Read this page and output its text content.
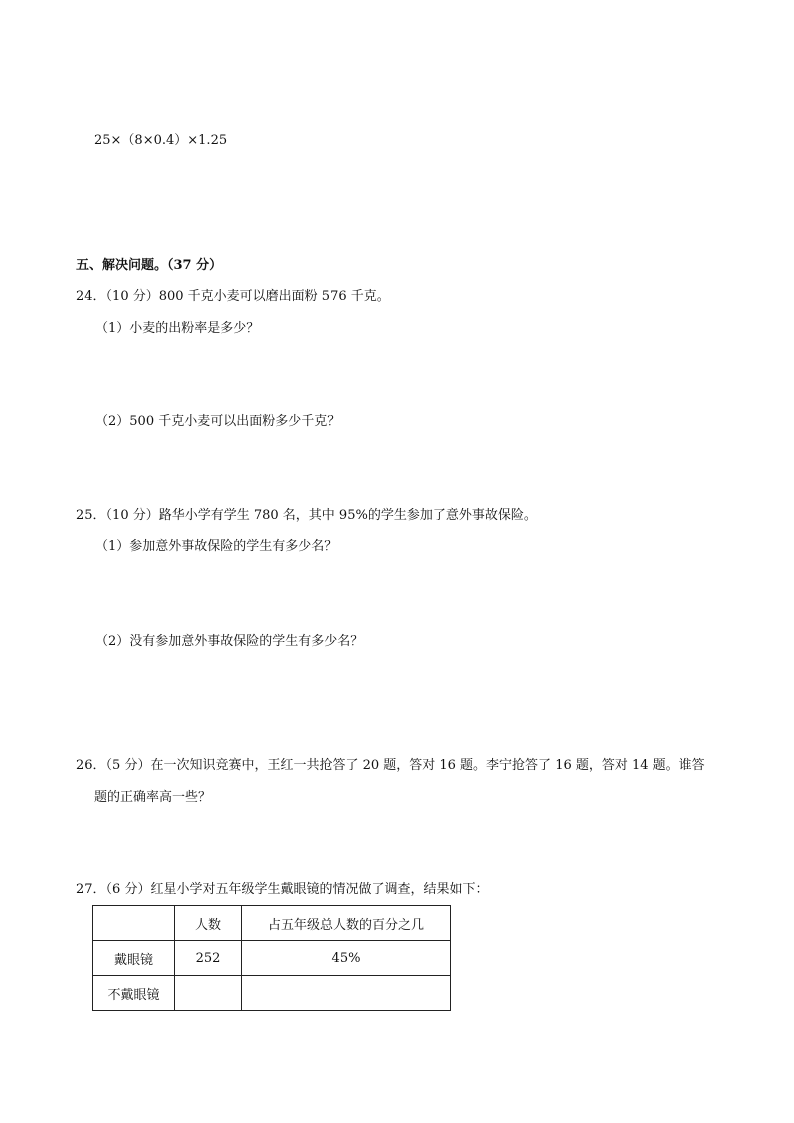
25×（8×0.4）×1.25
五、解决问题。（37 分）
24．（10 分）800 千克小麦可以磨出面粉 576 千克。
（1）小麦的出粉率是多少？
（2）500 千克小麦可以出面粉多少千克？
25．（10 分）路华小学有学生 780 名，其中 95%的学生参加了意外事故保险。
（1）参加意外事故保险的学生有多少名？
（2）没有参加意外事故保险的学生有多少名？
26．（5 分）在一次知识竞赛中，王红一共抢答了 20 题，答对 16 题。李宁抢答了 16 题，答对 14 题。谁答
题的正确率高一些？
27．（6 分）红星小学对五年级学生戴眼镜的情况做了调查，结果如下：
	人数	占五年级总人数的百分之几
戴眼镜	252	45%
不戴眼镜		
